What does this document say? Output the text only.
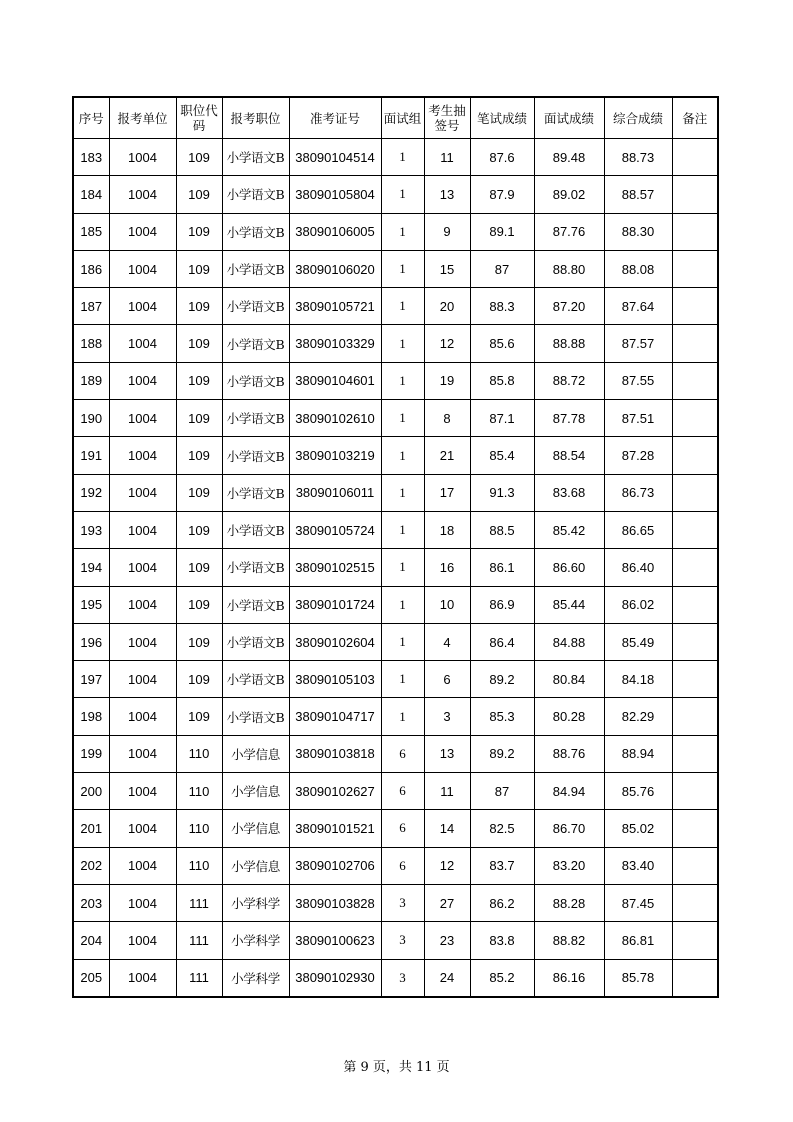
序号	报考单位	职位代码	报考职位	准考证号	面试组	考生抽签号	笔试成绩	面试成绩	综合成绩	备注
183	1004	109	小学语文B	38090104514	1	11	87.6	89.48	88.73	
184	1004	109	小学语文B	38090105804	1	13	87.9	89.02	88.57	
185	1004	109	小学语文B	38090106005	1	9	89.1	87.76	88.30	
186	1004	109	小学语文B	38090106020	1	15	87	88.80	88.08	
187	1004	109	小学语文B	38090105721	1	20	88.3	87.20	87.64	
188	1004	109	小学语文B	38090103329	1	12	85.6	88.88	87.57	
189	1004	109	小学语文B	38090104601	1	19	85.8	88.72	87.55	
190	1004	109	小学语文B	38090102610	1	8	87.1	87.78	87.51	
191	1004	109	小学语文B	38090103219	1	21	85.4	88.54	87.28	
192	1004	109	小学语文B	38090106011	1	17	91.3	83.68	86.73	
193	1004	109	小学语文B	38090105724	1	18	88.5	85.42	86.65	
194	1004	109	小学语文B	38090102515	1	16	86.1	86.60	86.40	
195	1004	109	小学语文B	38090101724	1	10	86.9	85.44	86.02	
196	1004	109	小学语文B	38090102604	1	4	86.4	84.88	85.49	
197	1004	109	小学语文B	38090105103	1	6	89.2	80.84	84.18	
198	1004	109	小学语文B	38090104717	1	3	85.3	80.28	82.29	
199	1004	110	小学信息	38090103818	6	13	89.2	88.76	88.94	
200	1004	110	小学信息	38090102627	6	11	87	84.94	85.76	
201	1004	110	小学信息	38090101521	6	14	82.5	86.70	85.02	
202	1004	110	小学信息	38090102706	6	12	83.7	83.20	83.40	
203	1004	111	小学科学	38090103828	3	27	86.2	88.28	87.45	
204	1004	111	小学科学	38090100623	3	23	83.8	88.82	86.81	
205	1004	111	小学科学	38090102930	3	24	85.2	86.16	85.78	
第 9 页，共 11 页
